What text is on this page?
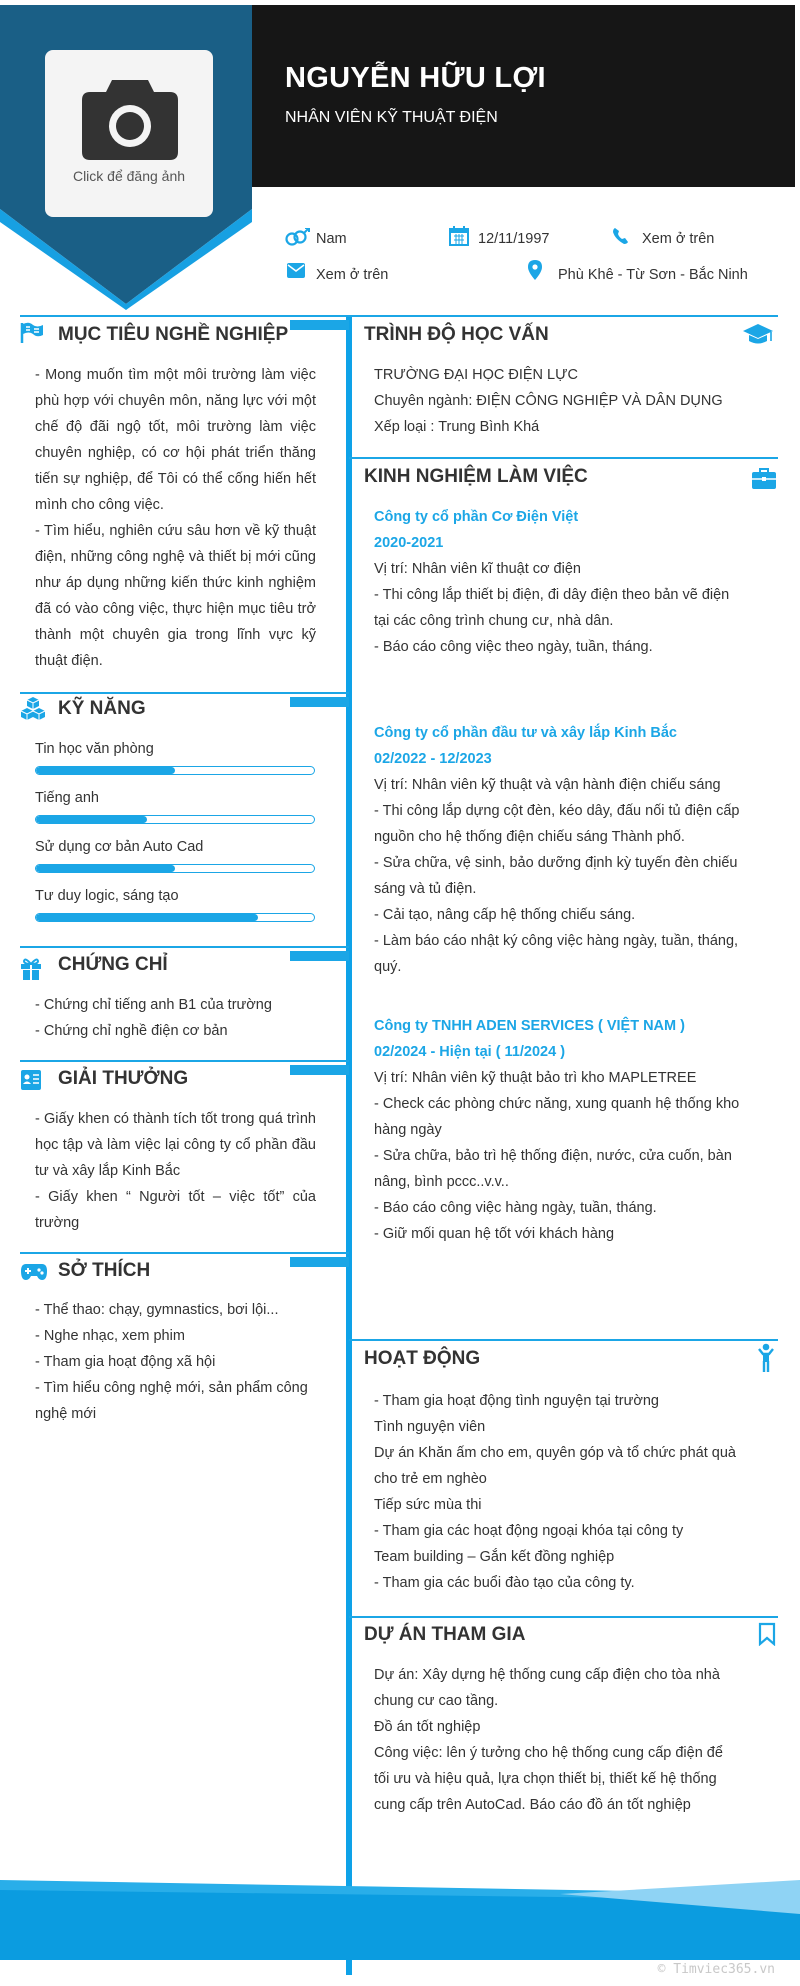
Click để đăng ảnh
NGUYỄN HỮU LỢI
NHÂN VIÊN KỸ THUẬT ĐIỆN
Nam	12/11/1997	Xem ở trên
Xem ở trên	Phù Khê - Từ Sơn - Bắc Ninh
MỤC TIÊU NGHỀ NGHIỆP
- Mong muốn tìm một môi trường làm việc phù hợp với chuyên môn, năng lực với một chế độ đãi ngộ tốt, môi trường làm việc chuyên nghiệp, có cơ hội phát triển thăng tiến sự nghiệp, để Tôi có thể cống hiến hết mình cho công việc.
- Tìm hiểu, nghiên cứu sâu hơn về kỹ thuật điện, những công nghệ và thiết bị mới cũng như áp dụng những kiến thức kinh nghiệm đã có vào công việc, thực hiện mục tiêu trở thành một chuyên gia trong lĩnh vực kỹ thuật điện.
KỸ NĂNG
Tin học văn phòng
Tiếng anh
Sử dụng cơ bản Auto Cad
Tư duy logic, sáng tạo
CHỨNG CHỈ
- Chứng chỉ tiếng anh B1 của trường
- Chứng chỉ nghề điện cơ bản
GIẢI THƯỞNG
- Giấy khen có thành tích tốt trong quá trình học tập và làm việc lại công ty cổ phần đầu tư và xây lắp Kinh Bắc
- Giấy khen “ Người tốt – việc tốt” của trường
SỞ THÍCH
- Thể thao: chạy, gymnastics, bơi lội...
- Nghe nhạc, xem phim
- Tham gia hoạt động xã hội
- Tìm hiểu công nghệ mới, sản phẩm công
nghệ mới
TRÌNH ĐỘ HỌC VẤN
TRƯỜNG ĐẠI HỌC ĐIỆN LỰC
Chuyên ngành: ĐIỆN CÔNG NGHIỆP VÀ DÂN DỤNG
Xếp loại : Trung Bình Khá
KINH NGHIỆM LÀM VIỆC
Công ty cổ phần Cơ Điện Việt
2020-2021
Vị trí: Nhân viên kĩ thuật cơ điện
- Thi công lắp thiết bị điện, đi dây điện theo bản vẽ điện
tại các công trình chung cư, nhà dân.
- Báo cáo công việc theo ngày, tuần, tháng.
Công ty cổ phần đầu tư và xây lắp Kinh Bắc
02/2022 - 12/2023
Vị trí: Nhân viên kỹ thuật và vận hành điện chiếu sáng
- Thi công lắp dựng cột đèn, kéo dây, đấu nối tủ điện cấp
nguồn cho hệ thống điện chiếu sáng Thành phố.
- Sửa chữa, vệ sinh, bảo dưỡng định kỳ tuyến đèn chiếu
sáng và tủ điện.
- Cải tạo, nâng cấp hệ thống chiếu sáng.
- Làm báo cáo nhật ký công việc hàng ngày, tuần, tháng,
quý.
Công ty TNHH ADEN SERVICES ( VIỆT NAM )
02/2024 - Hiện tại ( 11/2024 )
Vị trí: Nhân viên kỹ thuật bảo trì kho MAPLETREE
- Check các phòng chức năng, xung quanh hệ thống kho
hàng ngày
- Sửa chữa, bảo trì hệ thống điện, nước, cửa cuốn, bàn
nâng, bình pccc..v.v..
- Báo cáo công việc hàng ngày, tuần, tháng.
- Giữ mối quan hệ tốt với khách hàng
HOẠT ĐỘNG
- Tham gia hoạt động tình nguyện tại trường
Tình nguyện viên
Dự án Khăn ấm cho em, quyên góp và tổ chức phát quà
cho trẻ em nghèo
Tiếp sức mùa thi
- Tham gia các hoạt động ngoại khóa tại công ty
Team building – Gắn kết đồng nghiệp
- Tham gia các buổi đào tạo của công ty.
DỰ ÁN THAM GIA
Dự án: Xây dựng hệ thống cung cấp điện cho tòa nhà
chung cư cao tầng.
Đồ án tốt nghiệp
Công việc: lên ý tưởng cho hệ thống cung cấp điện để
tối ưu và hiệu quả, lựa chọn thiết bị, thiết kế hệ thống
cung cấp trên AutoCad. Báo cáo đồ án tốt nghiệp
© Timviec365.vn
